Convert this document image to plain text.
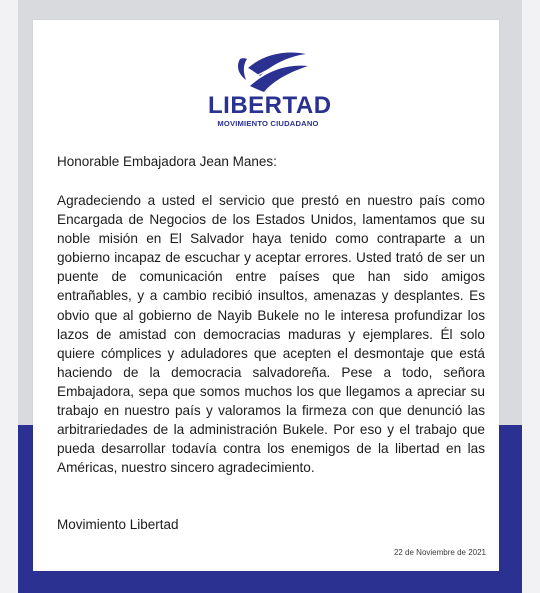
LIBERTAD
MOVIMIENTO CIUDADANO
Honorable Embajadora Jean Manes:
Agradeciendo a usted el servicio que prestó en nuestro país como Encargada de Negocios de los Estados Unidos, lamentamos que su noble misión en El Salvador haya tenido como contraparte a un gobierno incapaz de escuchar y aceptar errores. Usted trató de ser un puente de comunicación entre países que han sido amigos entrañables, y a cambio recibió insultos, amenazas y desplantes. Es obvio que al gobierno de Nayib Bukele no le interesa profundizar los lazos de amistad con democracias maduras y ejemplares. Él solo quiere cómplices y aduladores que acepten el desmontaje que está haciendo de la democracia salvadoreña. Pese a todo, señora Embajadora, sepa que somos muchos los que llegamos a apreciar su trabajo en nuestro país y valoramos la firmeza con que denunció las arbitrariedades de la administración Bukele. Por eso y el trabajo que pueda desarrollar todavía contra los enemigos de la libertad en las Américas, nuestro sincero agradecimiento.
Movimiento Libertad
22 de Noviembre de 2021
